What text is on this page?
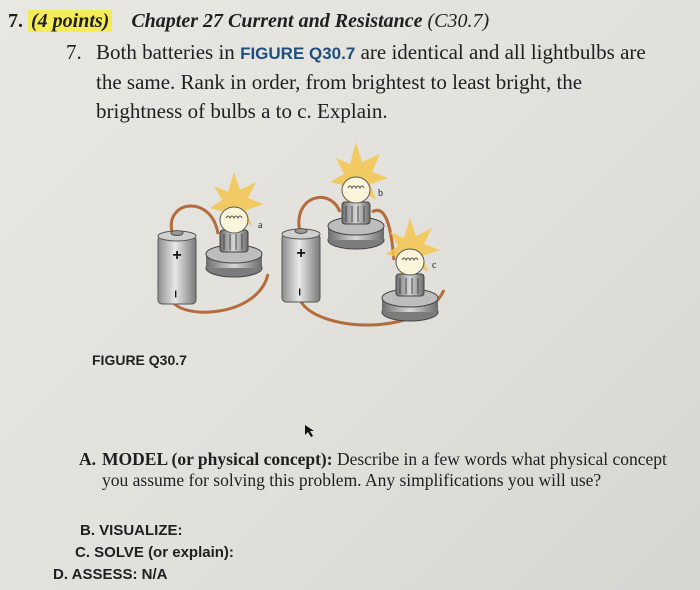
7. (4 points) Chapter 27 Current and Resistance (C30.7)
7. Both batteries in FIGURE Q30.7 are identical and all lightbulbs are the same. Rank in order, from brightest to least bright, the brightness of bulbs a to c. Explain.
+
–
+
–
a
b
c
FIGURE Q30.7
A. MODEL (or physical concept): Describe in a few words what physical concept you assume for solving this problem. Any simplifications you will use?
B. VISUALIZE:
C. SOLVE (or explain):
D. ASSESS: N/A
